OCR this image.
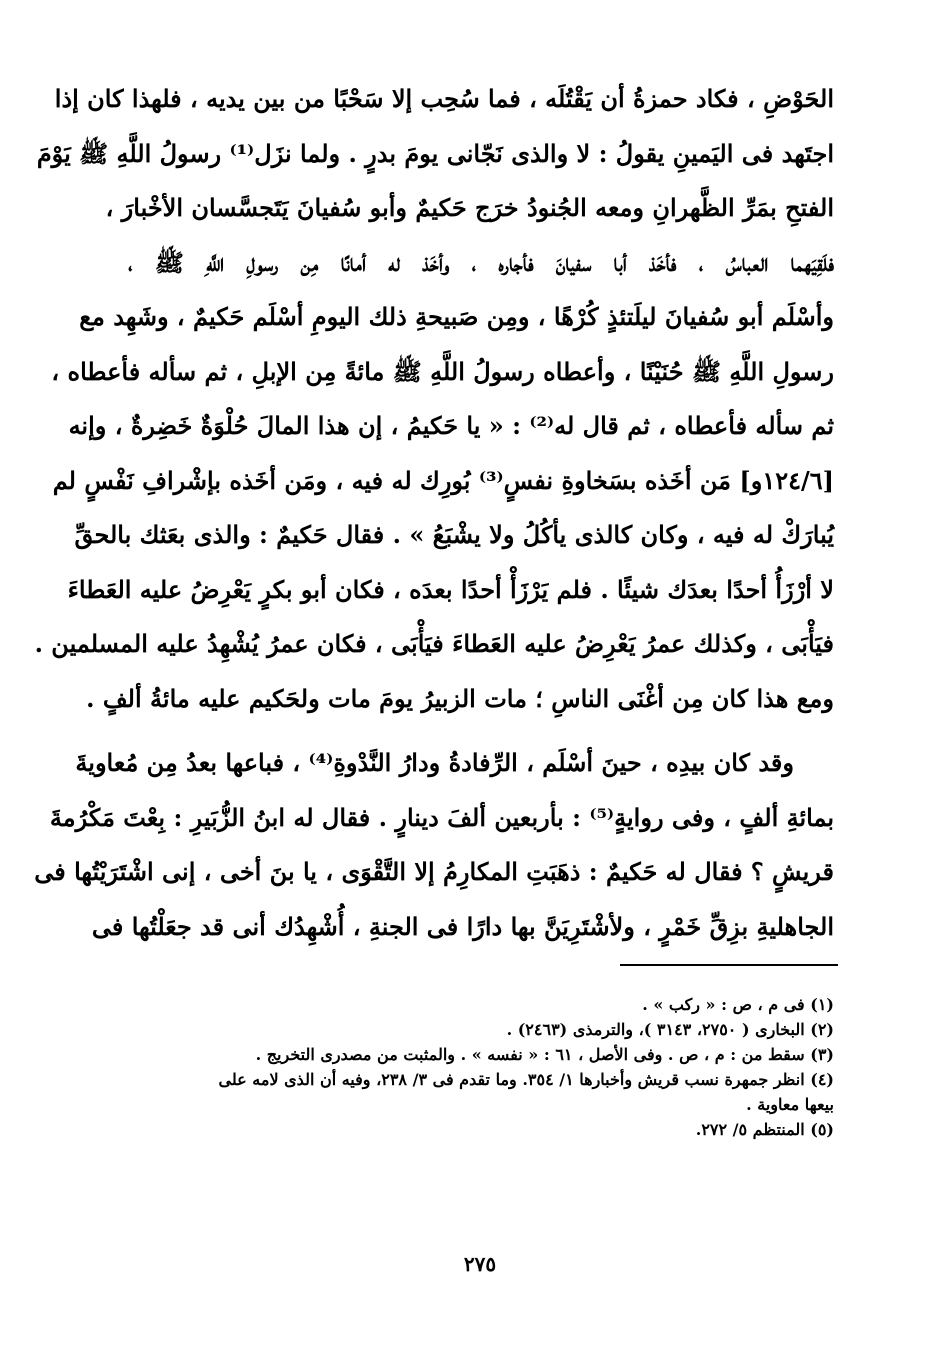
الحَوْضِ ، فكاد حمزةُ أن يَقْتُلَه ، فما سُحِب إلا سَحْبًا من بين يديه ، فلهذا كان إذا
اجتَهد فى اليَمينِ يقولُ : لا والذى نَجّانى يومَ بدرٍ . ولما نزَل⁽¹⁾ رسولُ اللَّهِ ﷺ يَوْمَ
الفتحِ بمَرِّ الظَّهرانِ ومعه الجُنودُ خرَج حَكيمٌ وأبو سُفيانَ يَتَجسَّسان الأخْبارَ ،
فلَقِيَهما العباسُ ، فأخَذ أبا سفيانَ فأجاره ، وأخَذ له أمانًا مِن رسولِ اللَّهِ ﷺ ،
وأسْلَم أبو سُفيانَ ليلَتئذٍ كُرْهًا ، ومِن صَبيحةِ ذلك اليومِ أسْلَم حَكيمٌ ، وشَهِد مع
رسولِ اللَّهِ ﷺ حُنَيْنًا ، وأعطاه رسولُ اللَّهِ ﷺ مائةً مِن الإبلِ ، ثم سأله فأعطاه ،
ثم سأله فأعطاه ، ثم قال له⁽²⁾ : « يا حَكيمُ ، إن هذا المالَ حُلْوَةٌ خَضِرةٌ ، وإنه
[١٢٤/٦و] مَن أخَذه بسَخاوةِ نفسٍ⁽³⁾ بُورِك له فيه ، ومَن أخَذه بإشْرافِ نَفْسٍ لم
يُبارَكْ له فيه ، وكان كالذى يأكُلُ ولا يشْبَعُ » . فقال حَكيمٌ : والذى بعَثك بالحقِّ
لا أرْزَأُ أحدًا بعدَك شيئًا . فلم يَرْزَأْ أحدًا بعدَه ، فكان أبو بكرٍ يَعْرِضُ عليه العَطاءَ
فيَأْبَى ، وكذلك عمرُ يَعْرِضُ عليه العَطاءَ فيَأْبَى ، فكان عمرُ يُشْهِدُ عليه المسلمين .
ومع هذا كان مِن أغْنَى الناسِ ؛ مات الزبيرُ يومَ مات ولحَكيم عليه مائةُ ألفٍ .
وقد كان بيدِه ، حينَ أسْلَم ، الرِّفادةُ ودارُ النَّدْوةِ⁽⁴⁾ ، فباعها بعدُ مِن مُعاويةَ
بمائةِ ألفٍ ، وفى روايةٍ⁽⁵⁾ : بأربعين ألفَ دينارٍ . فقال له ابنُ الزُّبَيرِ : بِعْتَ مَكْرُمةَ
قريشٍ ؟ فقال له حَكيمٌ : ذهَبَتِ المكارِمُ إلا التَّقْوَى ، يا بنَ أخى ، إنى اشْتَرَيْتُها فى
الجاهليةِ بزِقِّ خَمْرٍ ، ولأشْتَرِيَنَّ بها دارًا فى الجنةِ ، أُشْهِدُك أنى قد جعَلْتُها فى
(١) فى م ، ص : « ركب » .
(٢) البخارى ( ٢٧٥٠، ٣١٤٣ )، والترمذى (٢٤٦٣) .
(٣) سقط من : م ، ص . وفى الأصل ، ٦١ : « نفسه » . والمثبت من مصدرى التخريج .
(٤) انظر جمهرة نسب قريش وأخبارها ١/ ٣٥٤. وما تقدم فى ٣/ ٢٣٨، وفيه أن الذى لامه على
بيعها معاوية .
(٥) المنتظم ٥/ ٢٧٢.
٢٧٥
